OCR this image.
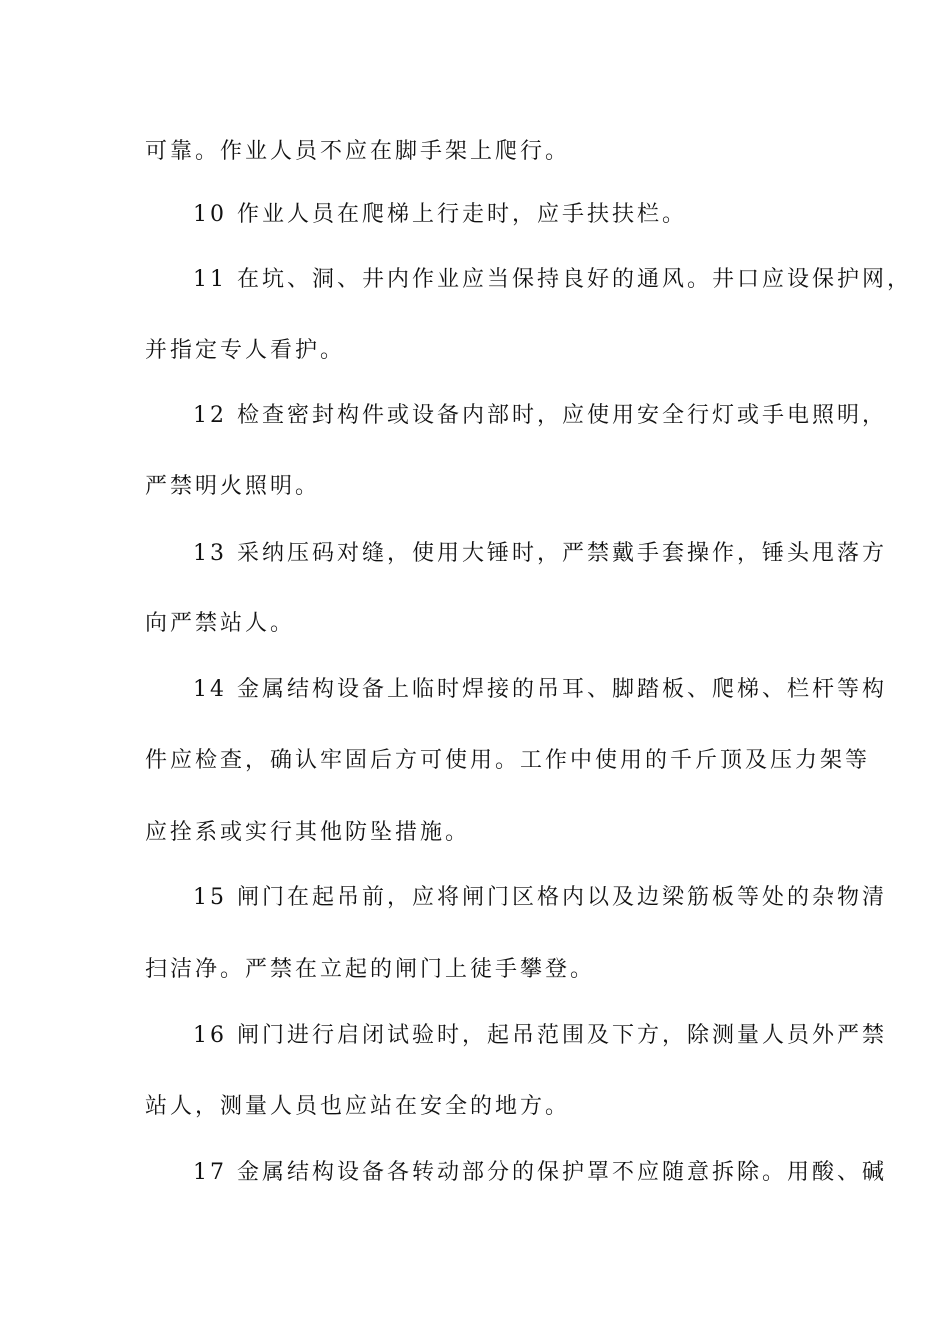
可靠。作业人员不应在脚手架上爬行。
10 作业人员在爬梯上行走时，应手扶扶栏。
11 在坑、洞、井内作业应当保持良好的通风。井口应设保护网，
并指定专人看护。
12 检查密封构件或设备内部时，应使用安全行灯或手电照明，
严禁明火照明。
13 采纳压码对缝，使用大锤时，严禁戴手套操作，锤头甩落方
向严禁站人。
14 金属结构设备上临时焊接的吊耳、脚踏板、爬梯、栏杆等构
件应检查，确认牢固后方可使用。工作中使用的千斤顶及压力架等
应拴系或实行其他防坠措施。
15 闸门在起吊前，应将闸门区格内以及边梁筋板等处的杂物清
扫洁净。严禁在立起的闸门上徒手攀登。
16 闸门进行启闭试验时，起吊范围及下方，除测量人员外严禁
站人，测量人员也应站在安全的地方。
17 金属结构设备各转动部分的保护罩不应随意拆除。用酸、碱
